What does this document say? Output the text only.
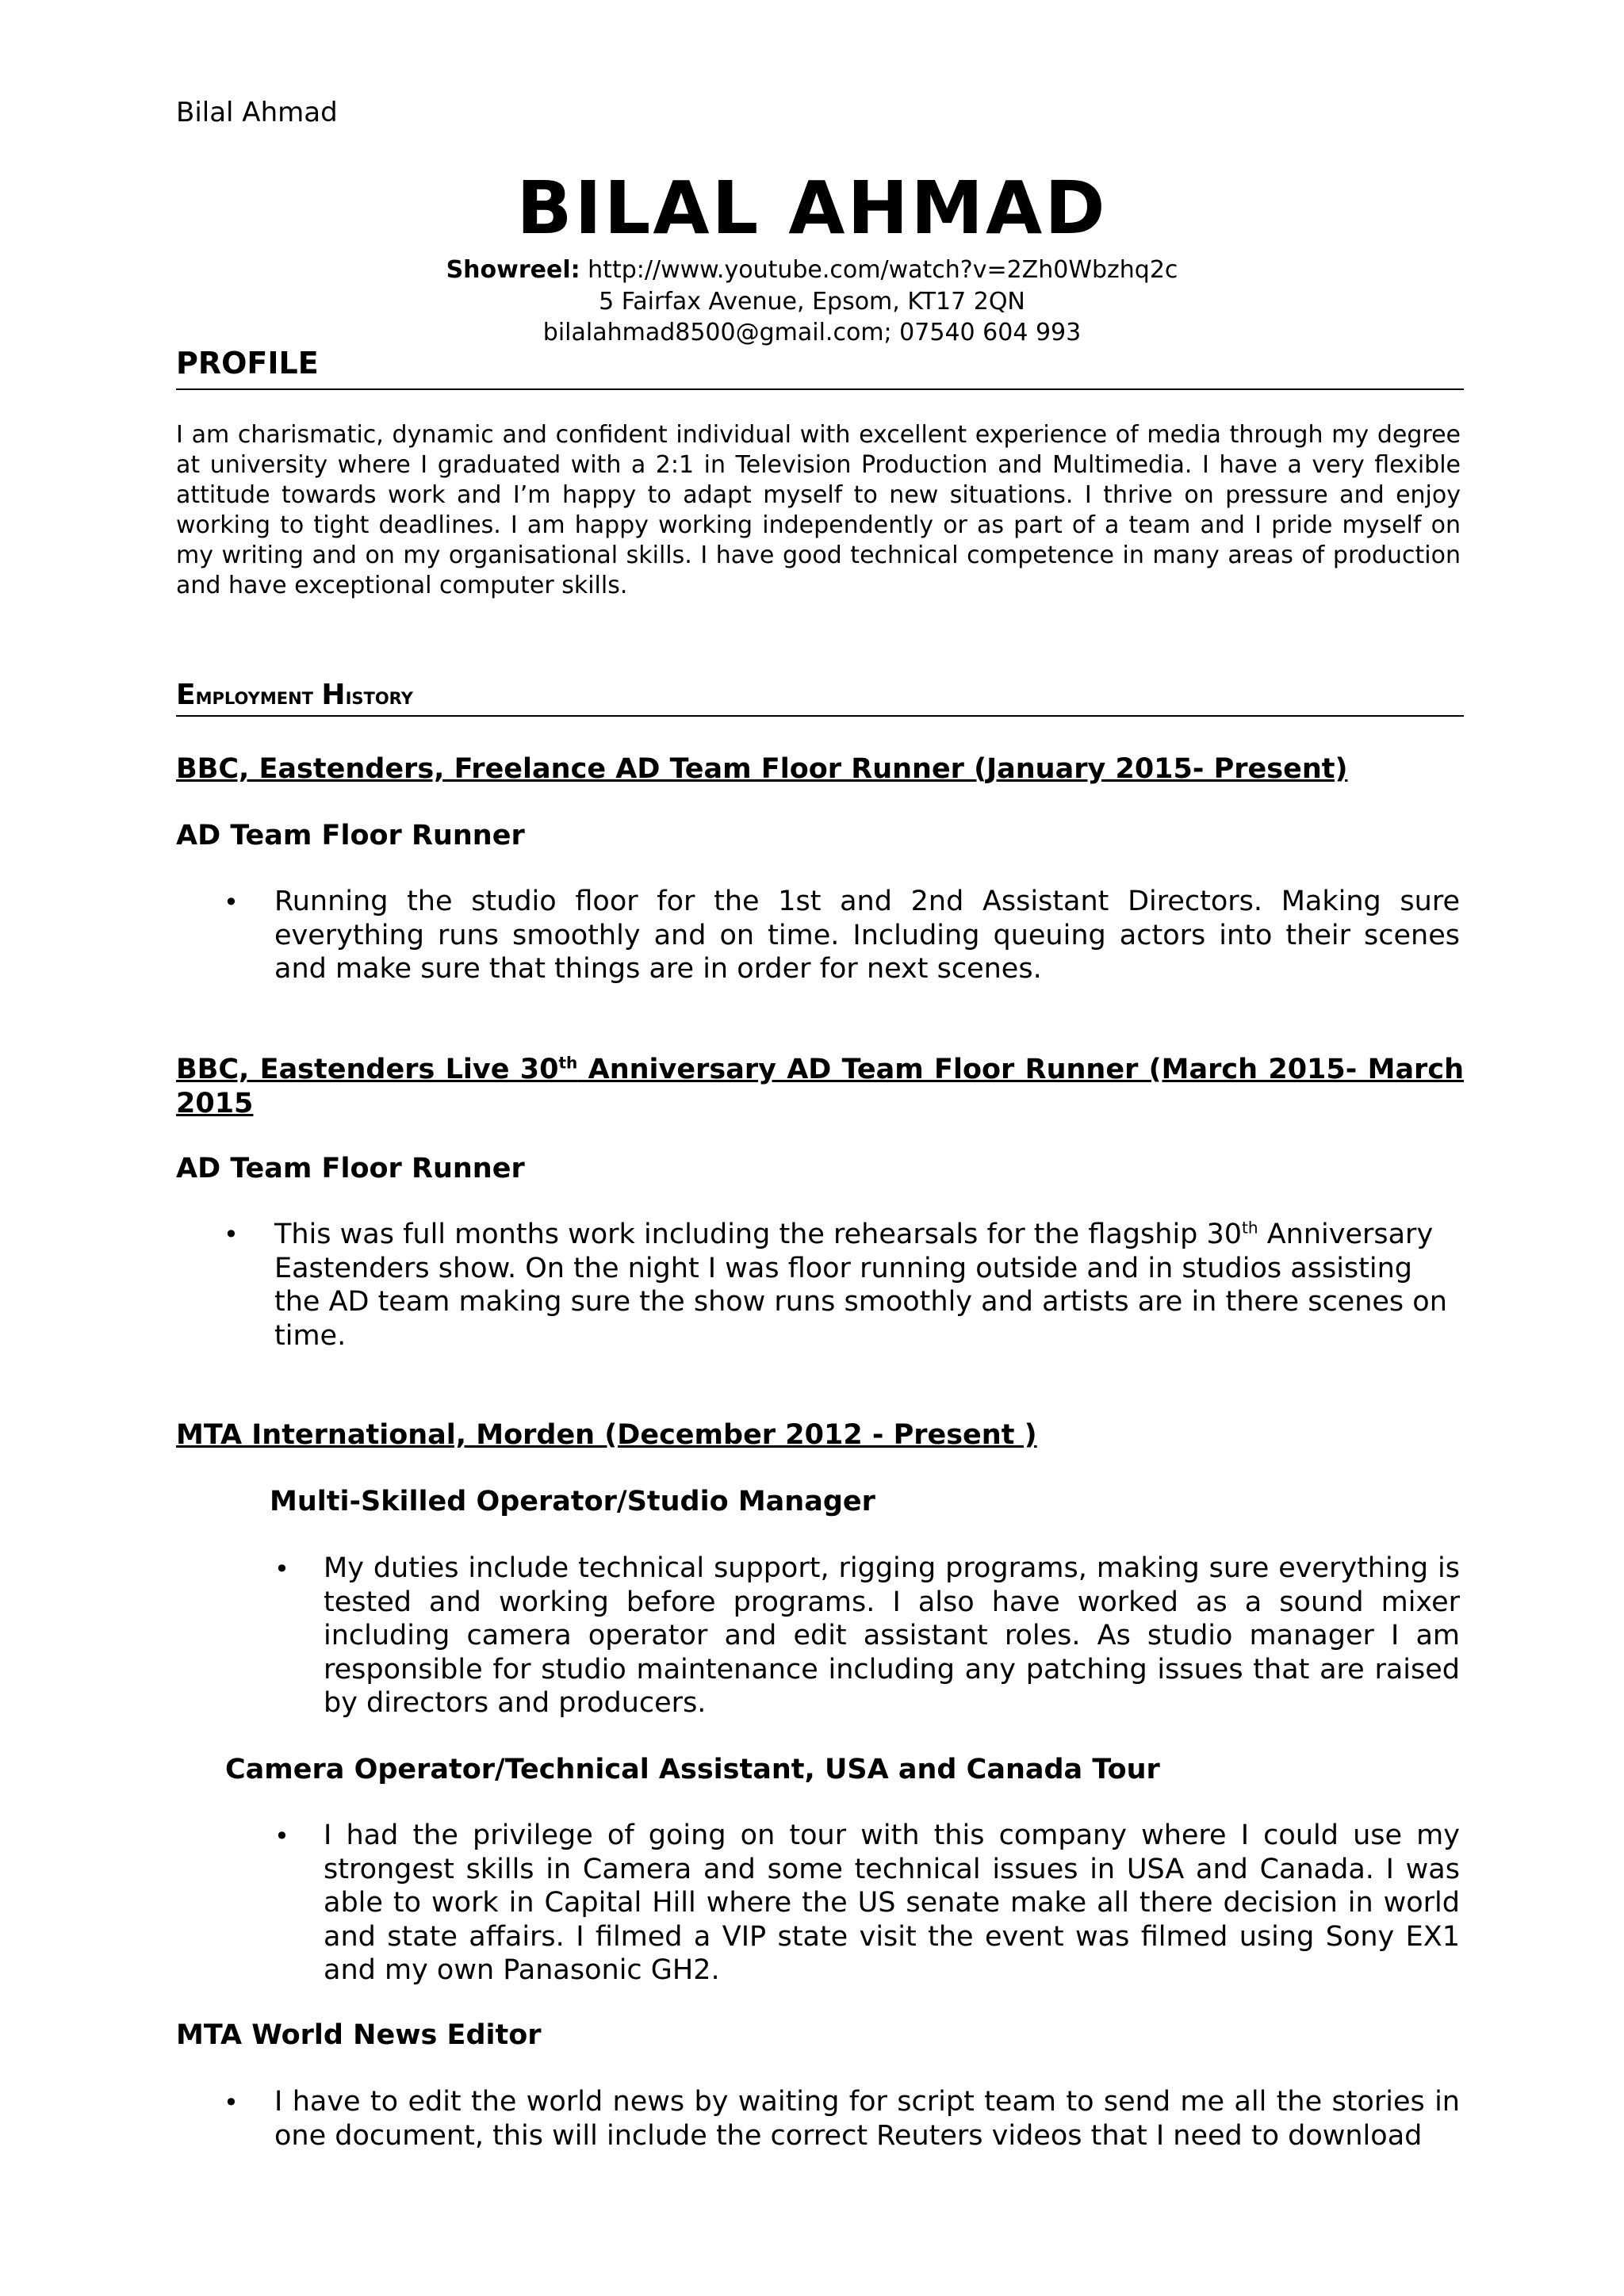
Bilal Ahmad
BILAL AHMAD
Showreel: http://www.youtube.com/watch?v=2Zh0Wbzhq2c
5 Fairfax Avenue, Epsom, KT17 2QN
bilalahmad8500@gmail.com; 07540 604 993
PROFILE
I am charismatic, dynamic and confident individual with excellent experience of media through my degree at university where I graduated with a 2:1 in Television Production and Multimedia. I have a very flexible attitude towards work and I’m happy to adapt myself to new situations. I thrive on pressure and enjoy working to tight deadlines. I am happy working independently or as part of a team and I pride myself on my writing and on my organisational skills. I have good technical competence in many areas of production and have exceptional computer skills.
Employment History
BBC, Eastenders, Freelance AD Team Floor Runner (January 2015- Present)
AD Team Floor Runner
• Running the studio floor for the 1st and 2nd Assistant Directors. Making sure everything runs smoothly and on time. Including queuing actors into their scenes and make sure that things are in order for next scenes.
BBC, Eastenders Live 30th Anniversary AD Team Floor Runner (March 2015- March 2015
AD Team Floor Runner
• This was full months work including the rehearsals for the flagship 30th Anniversary Eastenders show. On the night I was floor running outside and in studios assisting the AD team making sure the show runs smoothly and artists are in there scenes on time.
MTA International, Morden (December 2012 - Present )
Multi-Skilled Operator/Studio Manager
• My duties include technical support, rigging programs, making sure everything is tested and working before programs. I also have worked as a sound mixer including camera operator and edit assistant roles. As studio manager I am responsible for studio maintenance including any patching issues that are raised by directors and producers.
Camera Operator/Technical Assistant, USA and Canada Tour
• I had the privilege of going on tour with this company where I could use my strongest skills in Camera and some technical issues in USA and Canada. I was able to work in Capital Hill where the US senate make all there decision in world and state affairs. I filmed a VIP state visit the event was filmed using Sony EX1 and my own Panasonic GH2.
MTA World News Editor
• I have to edit the world news by waiting for script team to send me all the stories in one document, this will include the correct Reuters videos that I need to download
